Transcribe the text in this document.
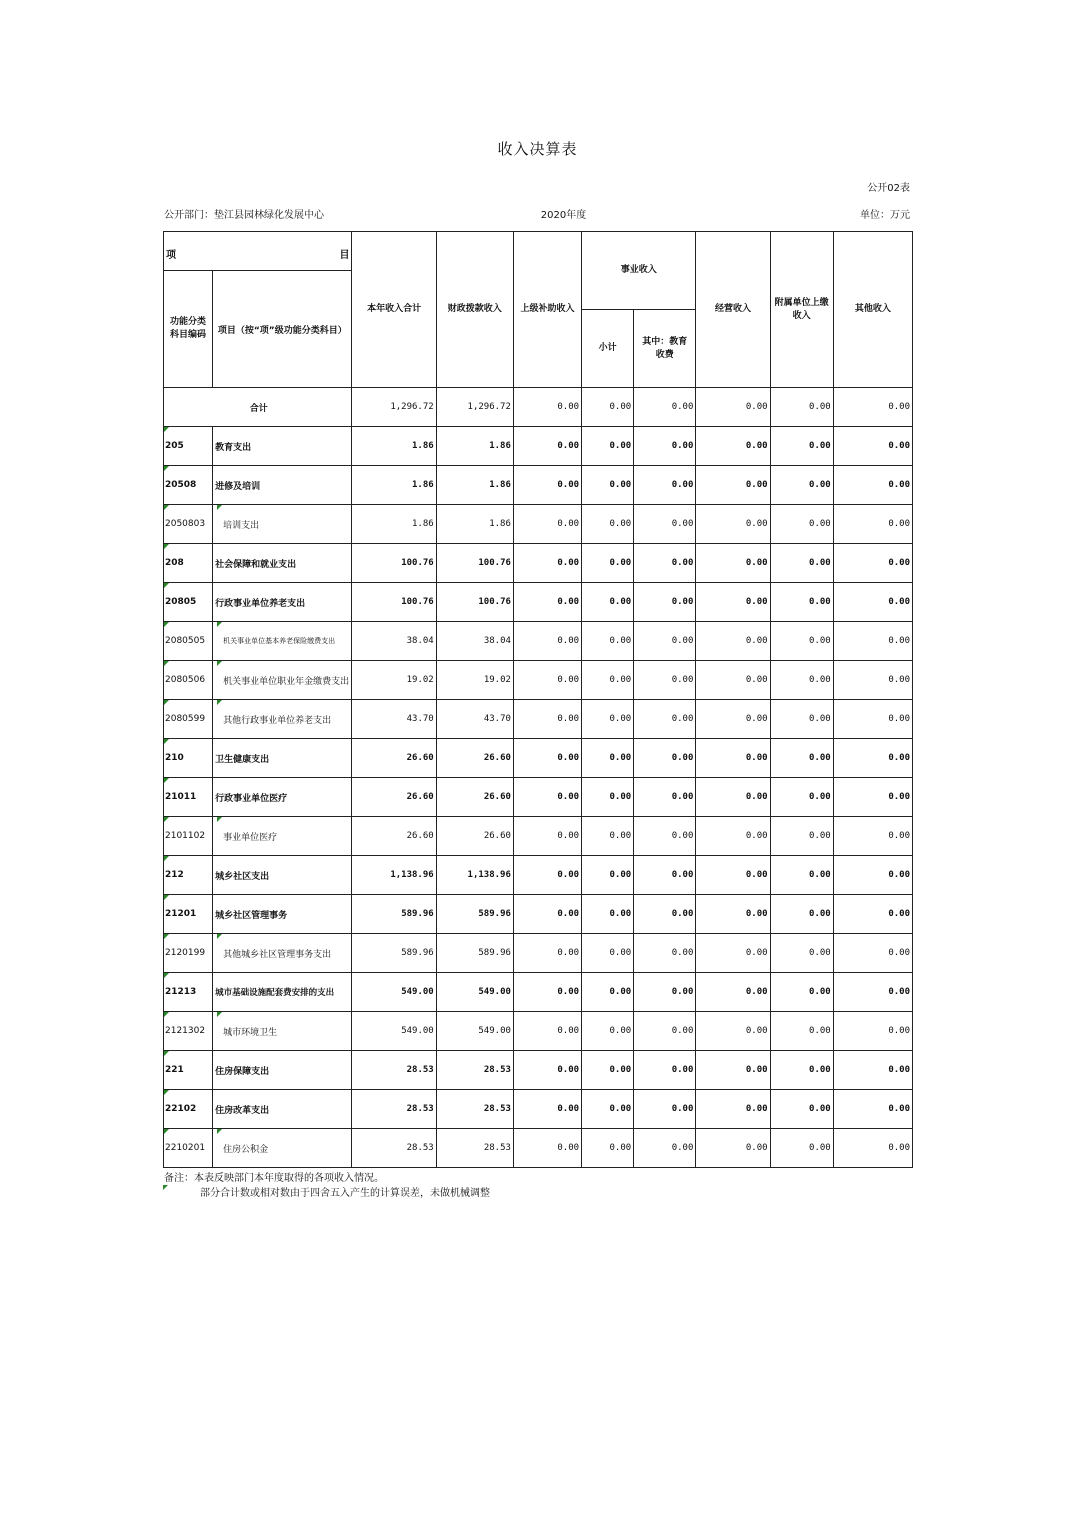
收入决算表
公开02表
公开部门：垫江县园林绿化发展中心	2020年度	单位：万元
项 目		本年收入合计	财政拨款收入	上级补助收入	事业收入		经营收入	附属单位上缴收入	其他收入
功能分类科目编码	项目（按“项”级功能分类科目）								
					小计	其中：教育收费			
合计		1,296.72	1,296.72	0.00	0.00	0.00	0.00	0.00	0.00

205	教育支出	1.86	1.86	0.00	0.00	0.00	0.00	0.00	0.00

20508	进修及培训	1.86	1.86	0.00	0.00	0.00	0.00	0.00	0.00

2050803	培训支出	1.86	1.86	0.00	0.00	0.00	0.00	0.00	0.00

208	社会保障和就业支出	100.76	100.76	0.00	0.00	0.00	0.00	0.00	0.00

20805	行政事业单位养老支出	100.76	100.76	0.00	0.00	0.00	0.00	0.00	0.00

2080505	机关事业单位基本养老保险缴费支出	38.04	38.04	0.00	0.00	0.00	0.00	0.00	0.00

2080506	机关事业单位职业年金缴费支出	19.02	19.02	0.00	0.00	0.00	0.00	0.00	0.00

2080599	其他行政事业单位养老支出	43.70	43.70	0.00	0.00	0.00	0.00	0.00	0.00

210	卫生健康支出	26.60	26.60	0.00	0.00	0.00	0.00	0.00	0.00

21011	行政事业单位医疗	26.60	26.60	0.00	0.00	0.00	0.00	0.00	0.00

2101102	事业单位医疗	26.60	26.60	0.00	0.00	0.00	0.00	0.00	0.00

212	城乡社区支出	1,138.96	1,138.96	0.00	0.00	0.00	0.00	0.00	0.00

21201	城乡社区管理事务	589.96	589.96	0.00	0.00	0.00	0.00	0.00	0.00

2120199	其他城乡社区管理事务支出	589.96	589.96	0.00	0.00	0.00	0.00	0.00	0.00

21213	城市基础设施配套费安排的支出	549.00	549.00	0.00	0.00	0.00	0.00	0.00	0.00

2121302	城市环境卫生	549.00	549.00	0.00	0.00	0.00	0.00	0.00	0.00

221	住房保障支出	28.53	28.53	0.00	0.00	0.00	0.00	0.00	0.00

22102	住房改革支出	28.53	28.53	0.00	0.00	0.00	0.00	0.00	0.00

2210201	住房公积金	28.53	28.53	0.00	0.00	0.00	0.00	0.00	0.00
备注：本表反映部门本年度取得的各项收入情况。
部分合计数或相对数由于四舍五入产生的计算误差，未做机械调整
